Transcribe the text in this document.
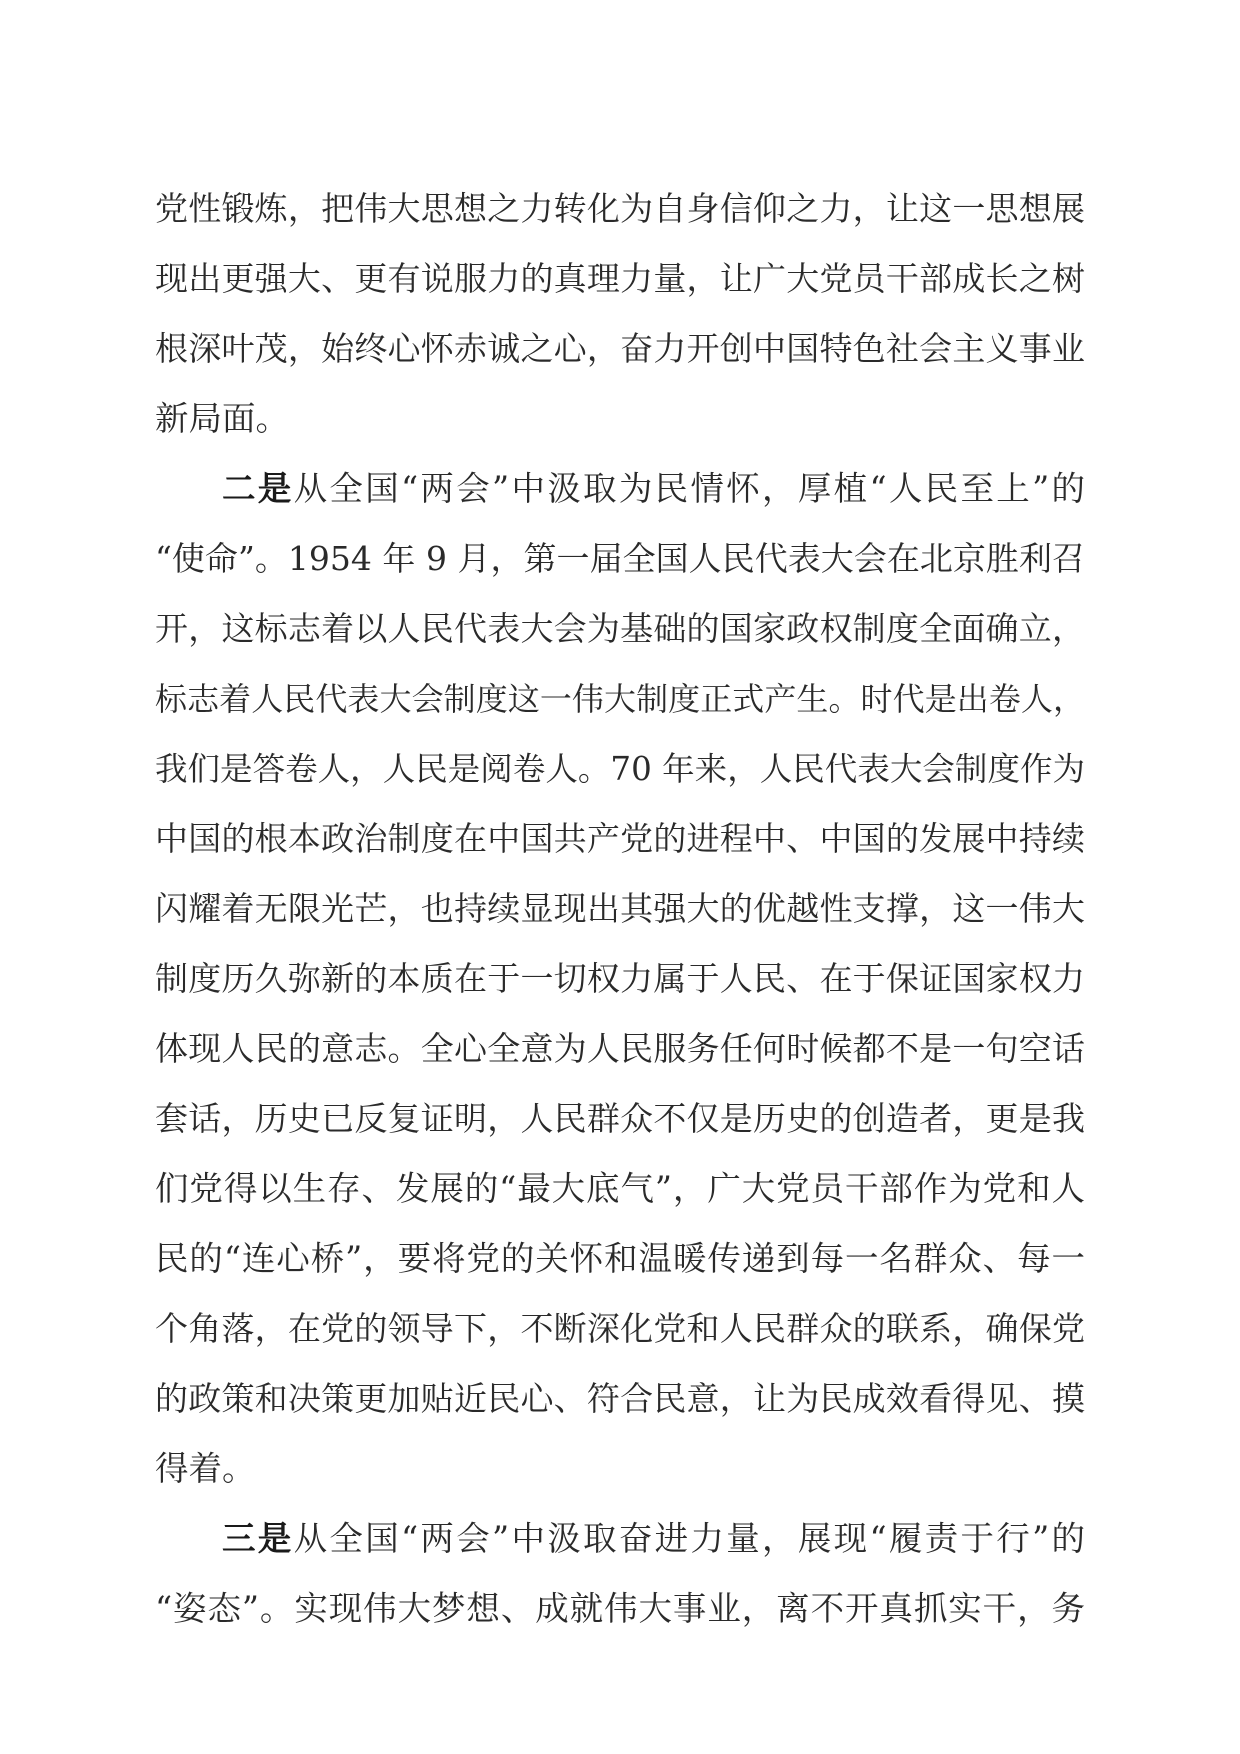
党性锻炼，把伟大思想之力转化为自身信仰之力，让这一思想展
现出更强大、更有说服力的真理力量，让广大党员干部成长之树
根深叶茂，始终心怀赤诚之心，奋力开创中国特色社会主义事业
新局面。
二是从全国“两会”中汲取为民情怀，厚植“人民至上”的
“使命”。1954 年 9 月，第一届全国人民代表大会在北京胜利召
开，这标志着以人民代表大会为基础的国家政权制度全面确立，
标志着人民代表大会制度这一伟大制度正式产生。时代是出卷人，
我们是答卷人，人民是阅卷人。70 年来，人民代表大会制度作为
中国的根本政治制度在中国共产党的进程中、中国的发展中持续
闪耀着无限光芒，也持续显现出其强大的优越性支撑，这一伟大
制度历久弥新的本质在于一切权力属于人民、在于保证国家权力
体现人民的意志。全心全意为人民服务任何时候都不是一句空话
套话，历史已反复证明，人民群众不仅是历史的创造者，更是我
们党得以生存、发展的“最大底气”，广大党员干部作为党和人
民的“连心桥”，要将党的关怀和温暖传递到每一名群众、每一
个角落，在党的领导下，不断深化党和人民群众的联系，确保党
的政策和决策更加贴近民心、符合民意，让为民成效看得见、摸
得着。
三是从全国“两会”中汲取奋进力量，展现“履责于行”的
“姿态”。实现伟大梦想、成就伟大事业，离不开真抓实干，务
